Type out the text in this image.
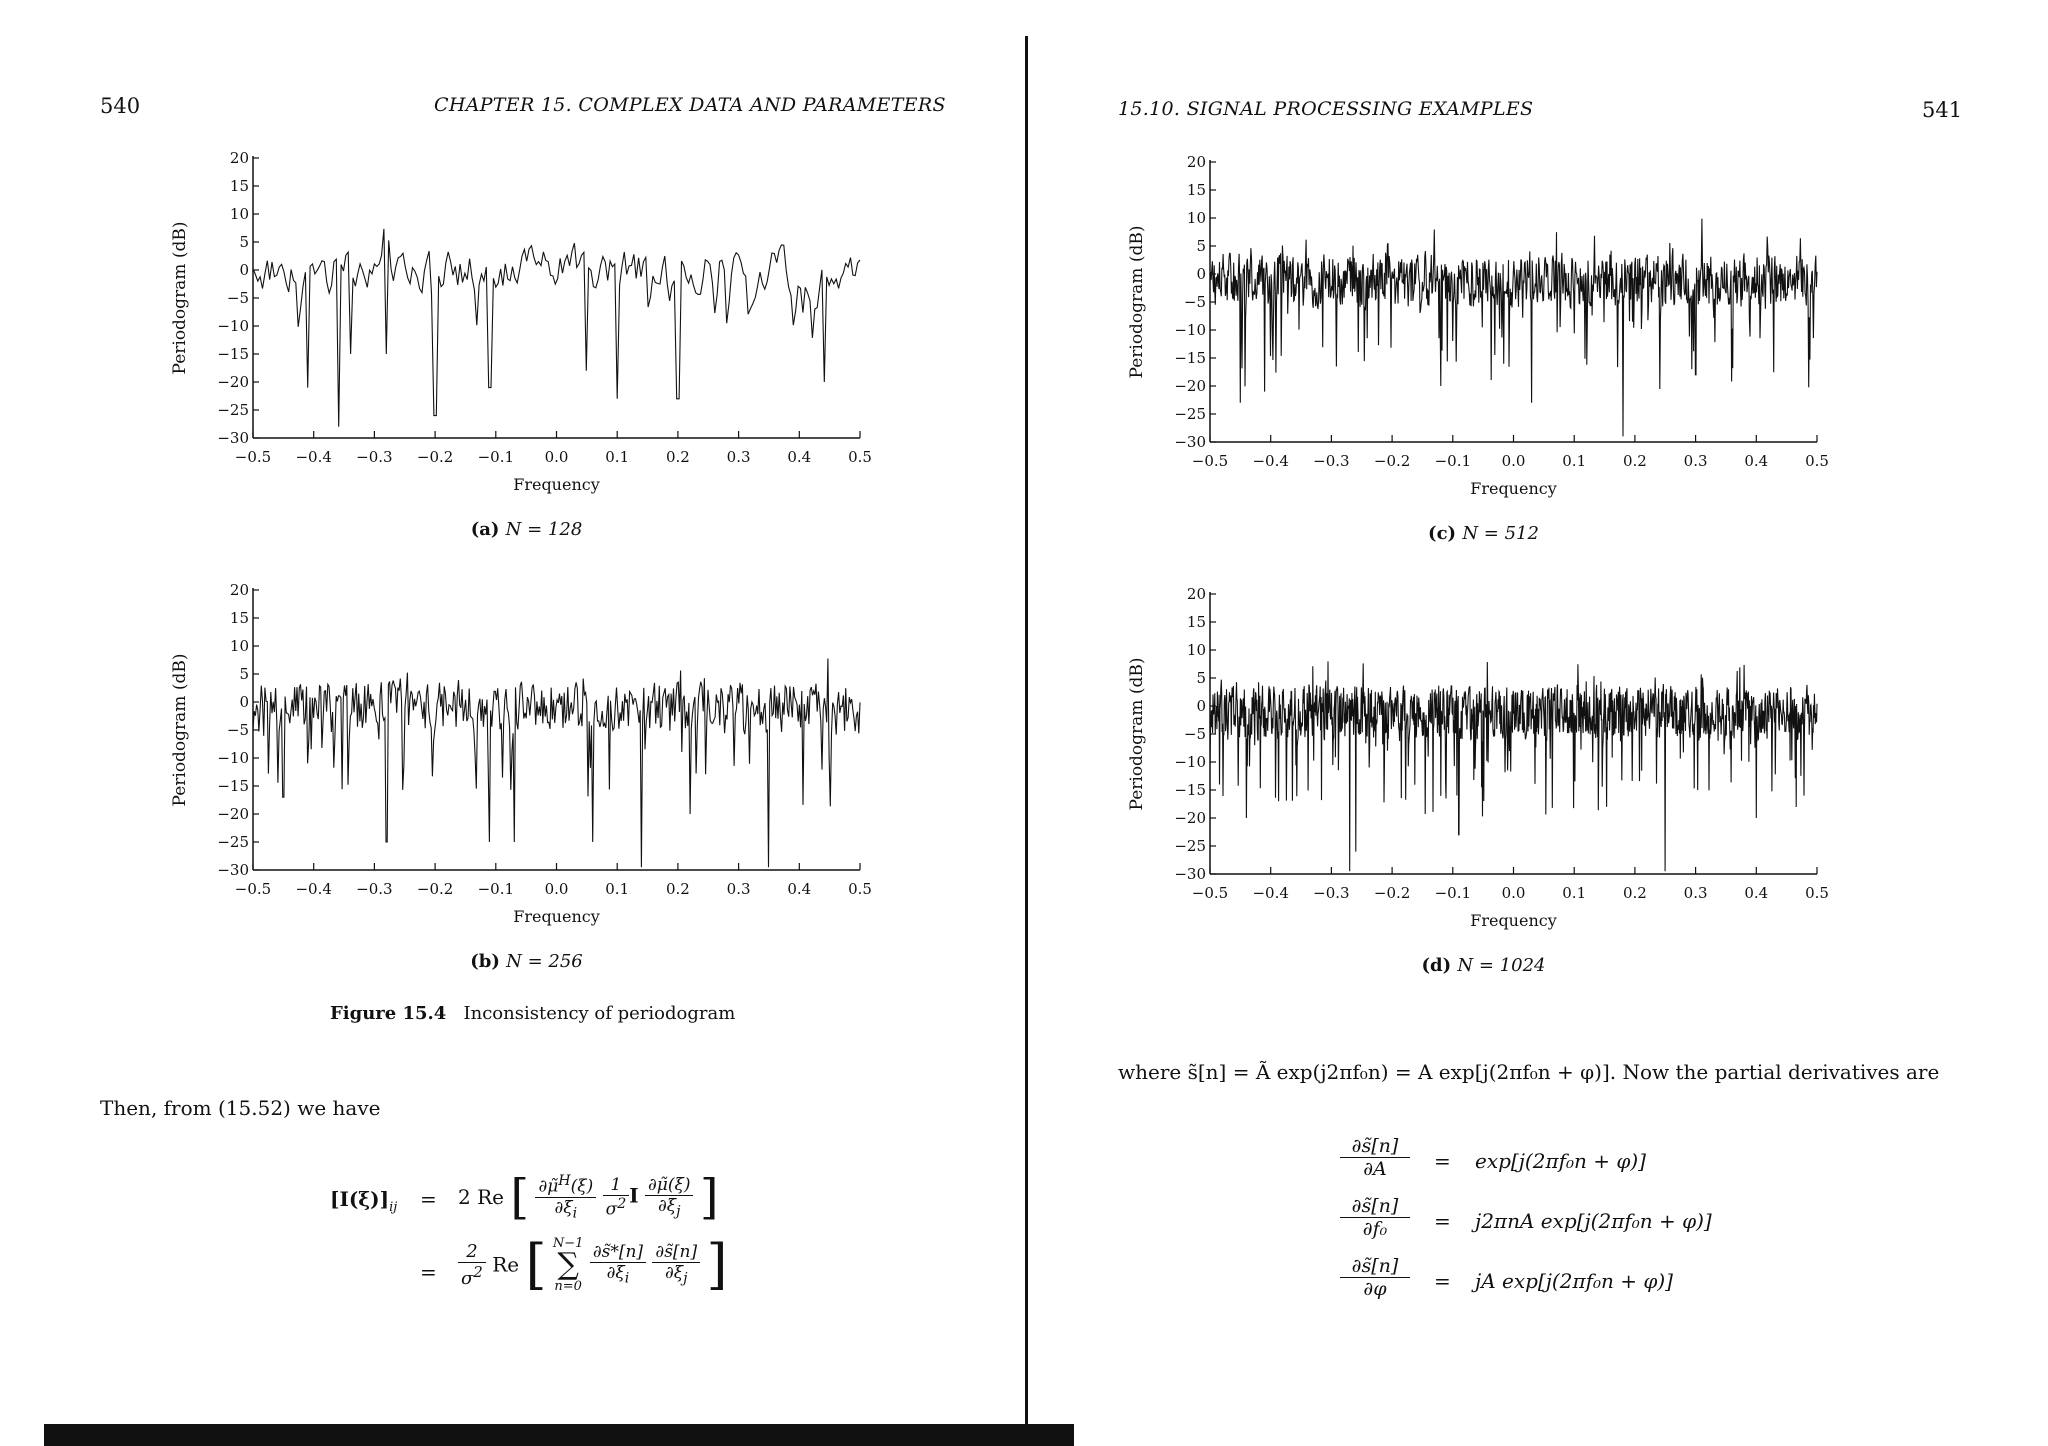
540	CHAPTER 15. COMPLEX DATA AND PARAMETERS
20
15
10
5
0
−5
−10
−15
−20
−25
−30
−0.5 −0.4 −0.3 −0.2 −0.1 0.0 0.1 0.2 0.3 0.4 0.5
Frequency
Periodogram (dB)
(a) N = 128
20
15
10
5
0
−5
−10
−15
−20
−25
−30
−0.5 −0.4 −0.3 −0.2 −0.1 0.0 0.1 0.2 0.3 0.4 0.5
Frequency
Periodogram (dB)
(b) N = 256
Figure 15.4 Inconsistency of periodogram
Then, from (15.52) we have
$[I(\xi)]_{ij} = 2$ Re [ $\frac{\partial\mũ^H(\xi)}{\partial\xi_i}$
$\frac{1}{\sigma^2}$ I $\frac{\partial\mũ(\xi)}{\partial\xi_j}$ ]
= $\frac{2}{\sigma^2}$ Re [ N−1
∑
n=0
$\frac{\partial s̃*[n]}{\partial\xi_i}$
$\frac{\partial s̃[n]}{\partial\xi_j}$ ]
15.10. SIGNAL PROCESSING EXAMPLES	541
20
15
10
5
0
−5
−10
−15
−20
−25
−30
−0.5 −0.4 −0.3 −0.2 −0.1 0.0 0.1 0.2 0.3 0.4 0.5
Frequency
Periodogram (dB)
(c) N = 512
20
15
10
5
0
−5
−10
−15
−20
−25
−30
−0.5 −0.4 −0.3 −0.2 −0.1 0.0 0.1 0.2 0.3 0.4 0.5
Frequency
Periodogram (dB)
(d) N = 1024
where s̃[n] = Ã exp(j2πf₀n) = A exp[j(2πf₀n + φ)]. Now the partial derivatives are
$\frac{\partial s̃[n]}{\partial A} = \exp[j(2\pi f_0n + \varphi)]$
$\frac{\partial s̃[n]}{\text{∂f₀}} = j2\pi nA$ exp[j(2πf₀n + φ)]
$\frac{\partial s̃[n]}{\partial\varphi}$ = jA exp[j(2πf₀n + φ)]
